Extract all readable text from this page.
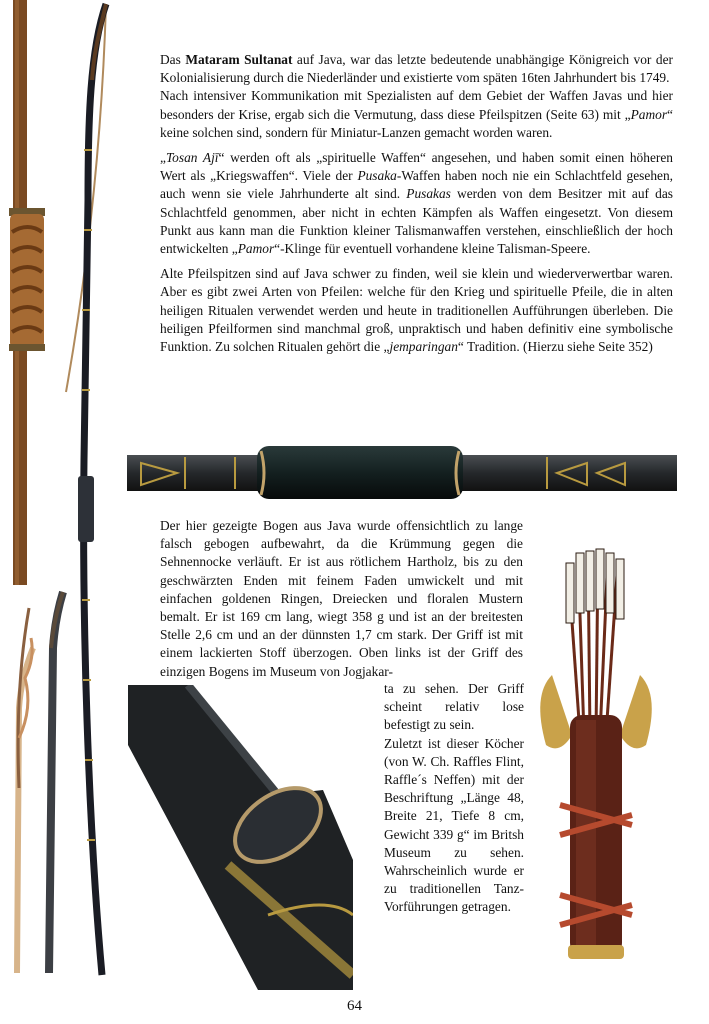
Das Mataram Sultanat auf Java, war das letzte bedeutende unabhängige Königreich vor der Kolonialisierung durch die Niederländer und existierte vom späten 16ten Jahrhundert bis 1749.
Nach intensiver Kommunikation mit Spezialisten auf dem Gebiet der Waffen Javas und hier besonders der Krise, ergab sich die Vermutung, dass diese Pfeilspitzen (Seite 63) mit „Pamor“ keine solchen sind, sondern für Miniatur-Lanzen gemacht worden waren.

„Tosan Ajī“ werden oft als „spirituelle Waffen“ angesehen, und haben somit einen höheren Wert als „Kriegswaffen“. Viele der Pusaka-Waffen haben noch nie ein Schlachtfeld gesehen, auch wenn sie viele Jahrhunderte alt sind. Pusakas werden von dem Besitzer mit auf das Schlachtfeld genommen, aber nicht in echten Kämpfen als Waffen eingesetzt. Von diesem Punkt aus kann man die Funktion kleiner Talismanwaffen verstehen, einschließlich der hoch entwickelten „Pamor“-Klinge für eventuell vorhandene kleine Talisman-Speere.

Alte Pfeilspitzen sind auf Java schwer zu finden, weil sie klein und wiederverwertbar waren. Aber es gibt zwei Arten von Pfeilen: welche für den Krieg und spirituelle Pfeile, die in alten heiligen Ritualen verwendet werden und heute in traditionellen Aufführungen überleben. Die heiligen Pfeilformen sind manchmal groß, unpraktisch und haben definitiv eine symbolische Funktion. Zu solchen Ritualen gehört die „jemparingan“ Tradition. (Hierzu siehe Seite 352)

Der hier gezeigte Bogen aus Java wurde offensichtlich zu lange falsch gebogen aufbewahrt, da die Krümmung gegen die Sehnennocke verläuft. Er ist aus rötlichem Hartholz, bis zu den geschwärzten Enden mit feinem Faden umwickelt und mit einfachen goldenen Ringen, Dreiecken und floralen Mustern bemalt. Er ist 169 cm lang, wiegt 358 g und ist an der breitesten Stelle 2,6 cm und an der dünnsten 1,7 cm stark. Der Griff ist mit einem lackierten Stoff überzogen. Oben links ist der Griff des einzigen Bogens im Museum von Jogjakar-

ta zu sehen. Der Griff scheint relativ lose befestigt zu sein.

Zuletzt ist dieser Köcher (von W. Ch. Raffles Flint, Raffle´s Neffen) mit der Beschriftung „Länge 48, Breite 21, Tiefe 8 cm, Gewicht 339 g“ im Britsh Museum zu sehen. Wahrscheinlich wurde er zu traditionellen Tanz-Vorführungen getragen.

64
